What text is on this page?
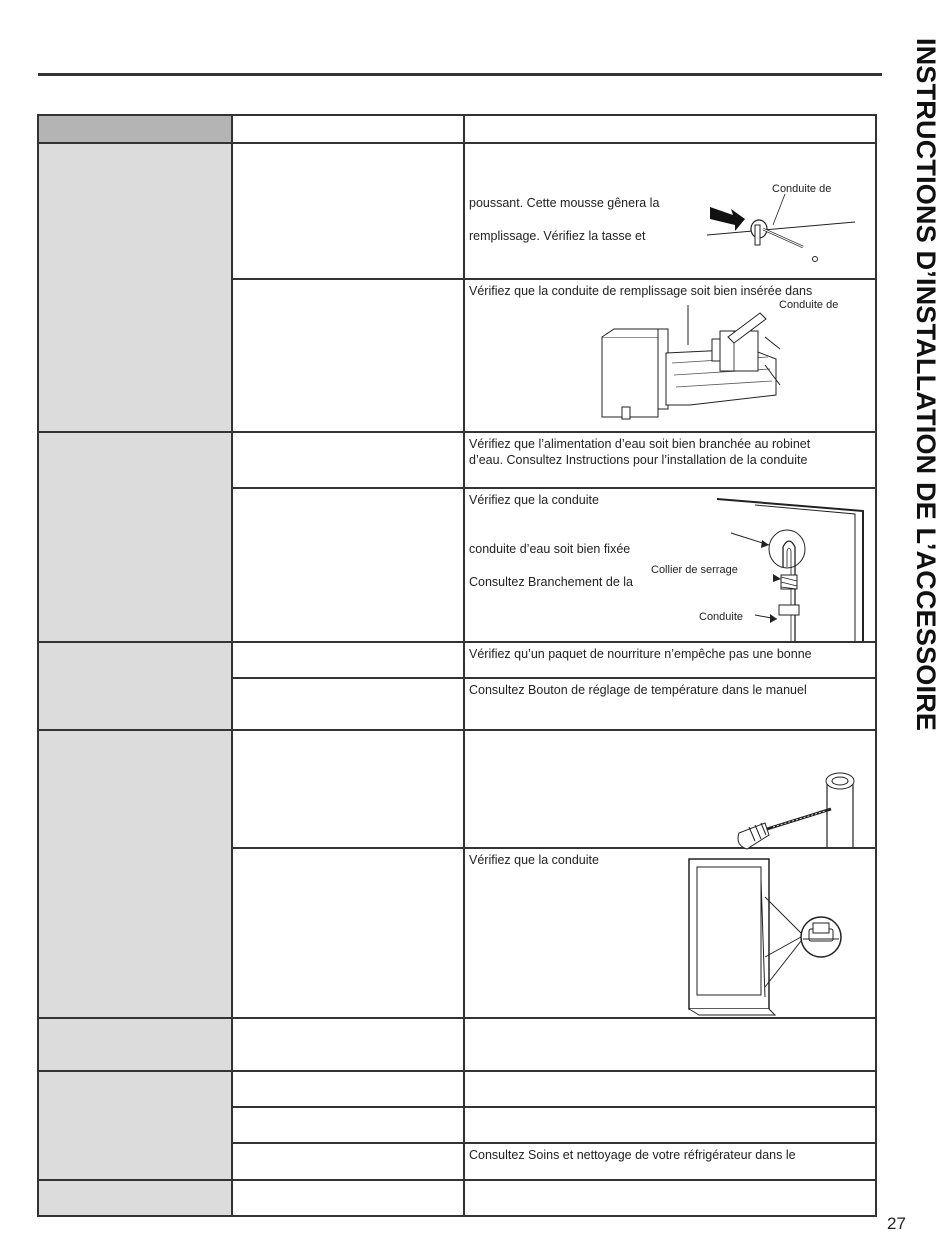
INSTRUCTIONS D’INSTALLATION DE L’ACCESSOIRE

		poussant. Cette mousse gênera la
remplissage. Vérifiez la tasse et
Conduite de

		Vérifiez que la conduite de remplissage soit bien insérée dans
Conduite de

		Vérifiez que l’alimentation d’eau soit bien branchée au robinet
d’eau. Consultez Instructions pour l’installation de la conduite

		Vérifiez que la conduite
conduite d’eau soit bien fixée
Consultez Branchement de la
Collier de serrage
Conduite

		Vérifiez qu’un paquet de nourriture n’empêche pas une bonne

		Consultez Bouton de réglage de température dans le manuel

		Vérifiez que la conduite

		Consultez Soins et nettoyage de votre réfrigérateur dans le

27
